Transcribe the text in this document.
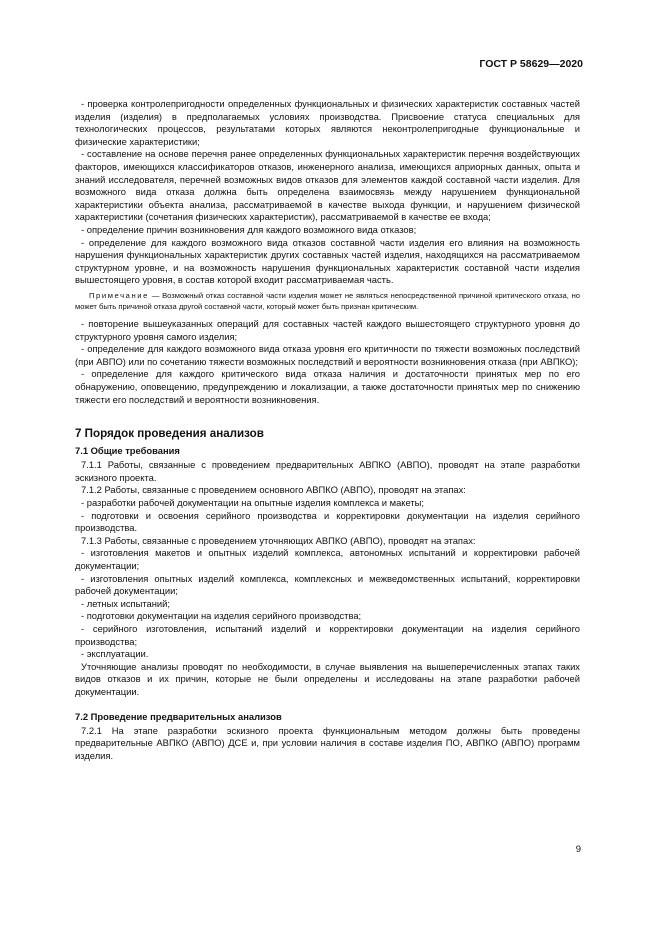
ГОСТ Р 58629—2020

- проверка контролепригодности определенных функциональных и физических характеристик составных частей изделия (изделия) в предполагаемых условиях производства. Присвоение статуса специальных для технологических процессов, результатами которых являются неконтролепригодные функциональные и физические характеристики;

- составление на основе перечня ранее определенных функциональных характеристик перечня воздействующих факторов, имеющихся классификаторов отказов, инженерного анализа, имеющихся априорных данных, опыта и знаний исследователя, перечней возможных видов отказов для элементов каждой составной части изделия. Для возможного вида отказа должна быть определена взаимосвязь между нарушением функциональной характеристики объекта анализа, рассматриваемой в качестве выхода функции, и нарушением физической характеристики (сочетания физических характеристик), рассматриваемой в качестве ее входа;

- определение причин возникновения для каждого возможного вида отказов;

- определение для каждого возможного вида отказов составной части изделия его влияния на возможность нарушения функциональных характеристик других составных частей изделия, находящихся на рассматриваемом структурном уровне, и на возможность нарушения функциональных характеристик составной части изделия вышестоящего уровня, в состав которой входит рассматриваемая часть.

Примечание — Возможный отказ составной части изделия может не являться непосредственной причиной критического отказа, но может быть причиной отказа другой составной части, который может быть признан критическим.

- повторение вышеуказанных операций для составных частей каждого вышестоящего структурного уровня до структурного уровня самого изделия;

- определение для каждого возможного вида отказа уровня его критичности по тяжести возможных последствий (при АВПО) или по сочетанию тяжести возможных последствий и вероятности возникновения отказа (при АВПКО);

- определение для каждого критического вида отказа наличия и достаточности принятых мер по его обнаружению, оповещению, предупреждению и локализации, а также достаточности принятых мер по снижению тяжести его последствий и вероятности возникновения.

7 Порядок проведения анализов
7.1 Общие требования

7.1.1 Работы, связанные с проведением предварительных АВПКО (АВПО), проводят на этапе разработки эскизного проекта.

7.1.2 Работы, связанные с проведением основного АВПКО (АВПО), проводят на этапах:

- разработки рабочей документации на опытные изделия комплекса и макеты;

- подготовки и освоения серийного производства и корректировки документации на изделия серийного производства.

7.1.3 Работы, связанные с проведением уточняющих АВПКО (АВПО), проводят на этапах:

- изготовления макетов и опытных изделий комплекса, автономных испытаний и корректировки рабочей документации;

- изготовления опытных изделий комплекса, комплексных и межведомственных испытаний, корректировки рабочей документации;

- летных испытаний;

- подготовки документации на изделия серийного производства;

- серийного изготовления, испытаний изделий и корректировки документации на изделия серийного производства;

- эксплуатации.

Уточняющие анализы проводят по необходимости, в случае выявления на вышеперечисленных этапах таких видов отказов и их причин, которые не были определены и исследованы на этапе разработки рабочей документации.

7.2 Проведение предварительных анализов

7.2.1 На этапе разработки эскизного проекта функциональным методом должны быть проведены предварительные АВПКО (АВПО) ДСЕ и, при условии наличия в составе изделия ПО, АВПКО (АВПО) программ изделия.

9
